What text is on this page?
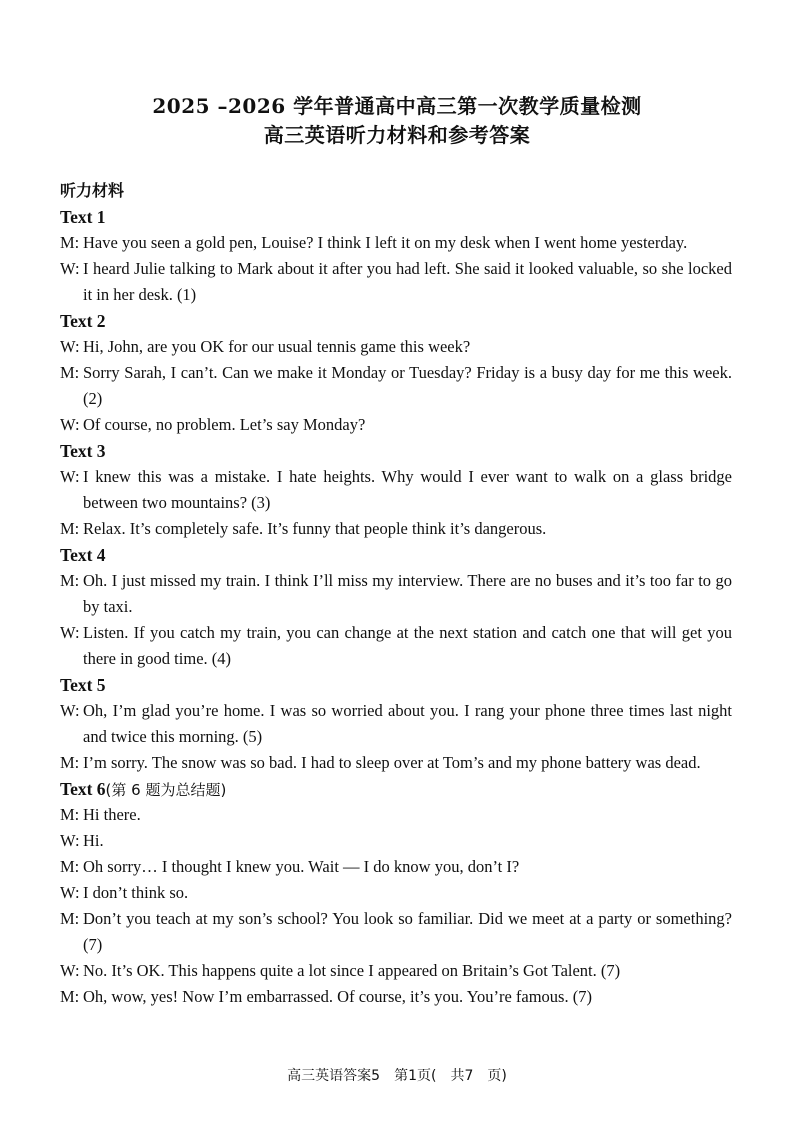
2025 –2026 学年普通高中高三第一次教学质量检测
高三英语听力材料和参考答案
听力材料
Text 1
M: Have you seen a gold pen, Louise? I think I left it on my desk when I went home yesterday.
W: I heard Julie talking to Mark about it after you had left. She said it looked valuable, so she locked it in her desk. (1)
Text 2
W: Hi, John, are you OK for our usual tennis game this week?
M: Sorry Sarah, I can’t. Can we make it Monday or Tuesday? Friday is a busy day for me this week. (2)
W: Of course, no problem. Let’s say Monday?
Text 3
W: I knew this was a mistake. I hate heights. Why would I ever want to walk on a glass bridge between two mountains? (3)
M: Relax. It’s completely safe. It’s funny that people think it’s dangerous.
Text 4
M: Oh. I just missed my train. I think I’ll miss my interview. There are no buses and it’s too far to go by taxi.
W: Listen. If you catch my train, you can change at the next station and catch one that will get you there in good time. (4)
Text 5
W: Oh, I’m glad you’re home. I was so worried about you. I rang your phone three times last night and twice this morning. (5)
M: I’m sorry. The snow was so bad. I had to sleep over at Tom’s and my phone battery was dead.
Text 6(第 6 题为总结题)
M: Hi there.
W: Hi.
M: Oh sorry… I thought I knew you. Wait — I do know you, don’t I?
W: I don’t think so.
M: Don’t you teach at my son’s school? You look so familiar. Did we meet at a party or something? (7)
W: No. It’s OK. This happens quite a lot since I appeared on Britain’s Got Talent. (7)
M: Oh, wow, yes! Now I’m embarrassed. Of course, it’s you. You’re famous. (7)
高三英语答案5　第1页(　共7　页)
